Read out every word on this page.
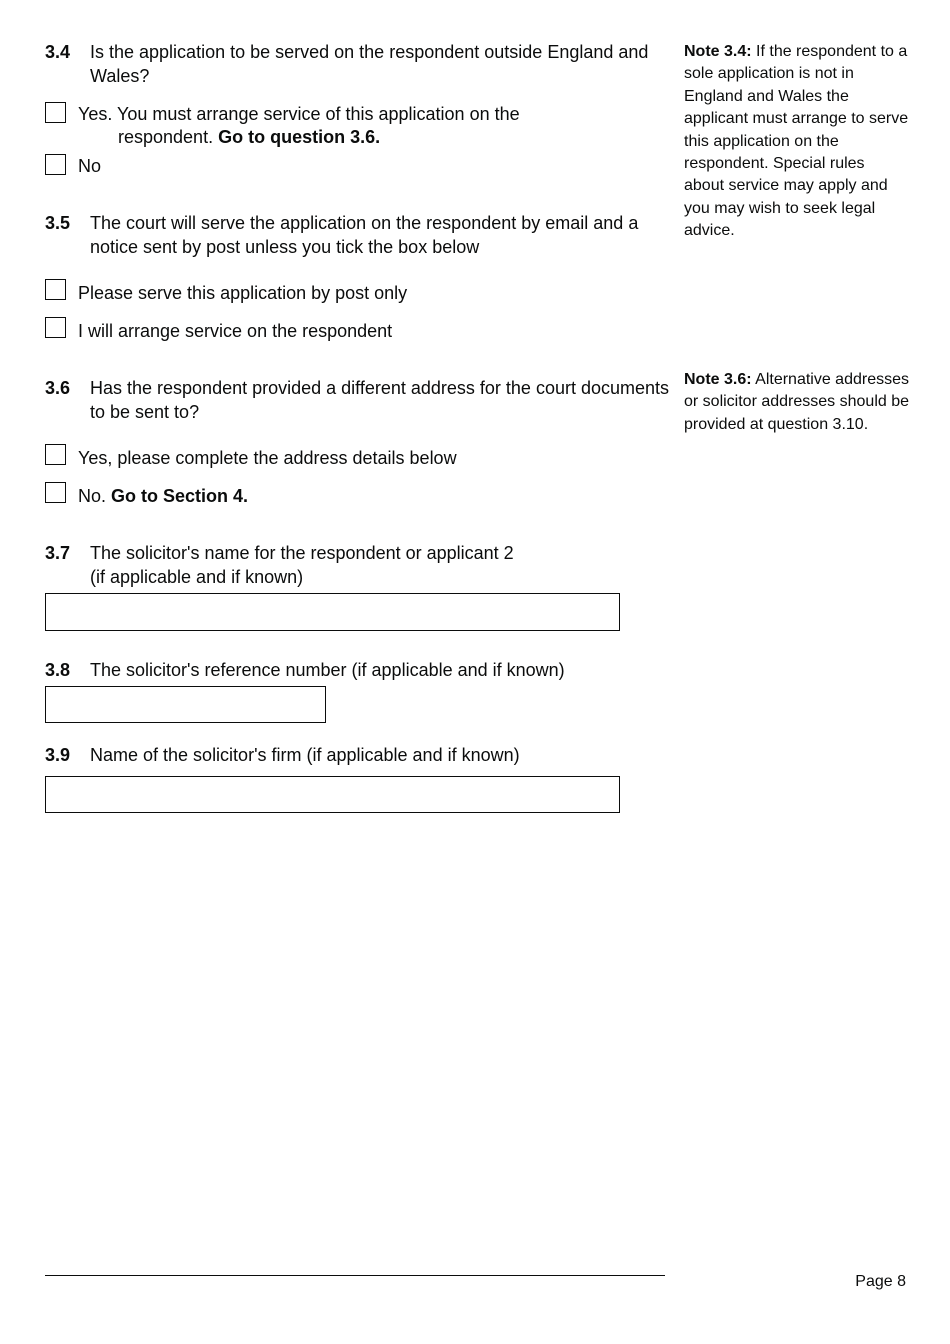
3.4 Is the application to be served on the respondent outside England and Wales?
Yes. You must arrange service of this application on the
respondent. Go to question 3.6.
No
3.5 The court will serve the application on the respondent by email and a notice sent by post unless you tick the box below
Please serve this application by post only
I will arrange service on the respondent
3.6 Has the respondent provided a different address for the court documents to be sent to?
Yes, please complete the address details below
No. Go to Section 4.
3.7 The solicitor's name for the respondent or applicant 2
(if applicable and if known)
3.8 The solicitor's reference number (if applicable and if known)
3.9 Name of the solicitor's firm (if applicable and if known)
Note 3.4: If the respondent to a sole application is not in England and Wales the applicant must arrange to serve this application on the respondent. Special rules about service may apply and you may wish to seek legal advice.
Note 3.6: Alternative addresses or solicitor addresses should be provided at question 3.10.
Page 8
